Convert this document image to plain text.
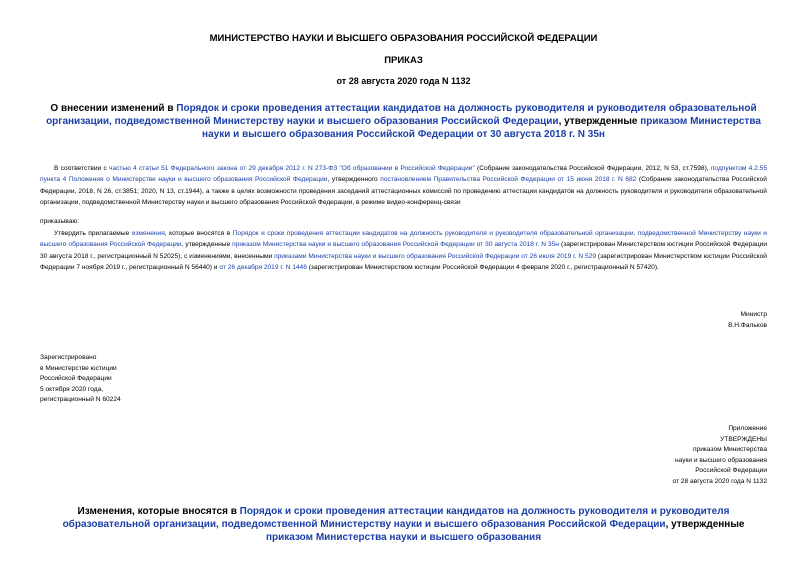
МИНИСТЕРСТВО НАУКИ И ВЫСШЕГО ОБРАЗОВАНИЯ РОССИЙСКОЙ ФЕДЕРАЦИИ
ПРИКАЗ
от 28 августа 2020 года N 1132
О внесении изменений в Порядок и сроки проведения аттестации кандидатов на должность руководителя и руководителя образовательной организации, подведомственной Министерству науки и высшего образования Российской Федерации, утвержденные приказом Министерства науки и высшего образования Российской Федерации от 30 августа 2018 г. N 35н
В соответствии с частью 4 статьи 51 Федерального закона от 29 декабря 2012 г. N 273-ФЗ "Об образовании в Российской Федерации" (Собрание законодательства Российской Федерации, 2012, N 53, ст.7598), подпунктом 4.2.55 пункта 4 Положения о Министерстве науки и высшего образования Российской Федерации, утвержденного постановлением Правительства Российской Федерации от 15 июня 2018 г. N 682 (Собрание законодательства Российской Федерации, 2018, N 26, ст.3851; 2020, N 13, ст.1944), а также в целях возможности проведения заседаний аттестационных комиссий по проведению аттестации кандидатов на должность руководителя и руководителя образовательной организации, подведомственной Министерству науки и высшего образования Российской Федерации, в режиме видео-конференц-связи
приказываю:
Утвердить прилагаемые изменения, которые вносятся в Порядок и сроки проведения аттестации кандидатов на должность руководителя и руководителя образовательной организации, подведомственной Министерству науки и высшего образования Российской Федерации, утвержденные приказом Министерства науки и высшего образования Российской Федерации от 30 августа 2018 г. N 35н (зарегистрирован Министерством юстиции Российской Федерации 30 августа 2018 г., регистрационный N 52025), с изменениями, внесенными приказами Министерства науки и высшего образования Российской Федерации от 26 июля 2019 г. N 529 (зарегистрирован Министерством юстиции Российской Федерации 7 ноября 2019 г., регистрационный N 56440) и от 26 декабря 2019 г. N 1446 (зарегистрирован Министерством юстиции Российской Федерации 4 февраля 2020 г., регистрационный N 57420).
Министр
В.Н.Фальков
Зарегистрировано
в Министерстве юстиции
Российской Федерации
5 октября 2020 года,
регистрационный N 60224
Приложение
УТВЕРЖДЕНЫ
приказом Министерства
науки и высшего образования
Российской Федерации
от 28 августа 2020 года N 1132
Изменения, которые вносятся в Порядок и сроки проведения аттестации кандидатов на должность руководителя и руководителя образовательной организации, подведомственной Министерству науки и высшего образования Российской Федерации, утвержденные приказом Министерства науки и высшего образования
